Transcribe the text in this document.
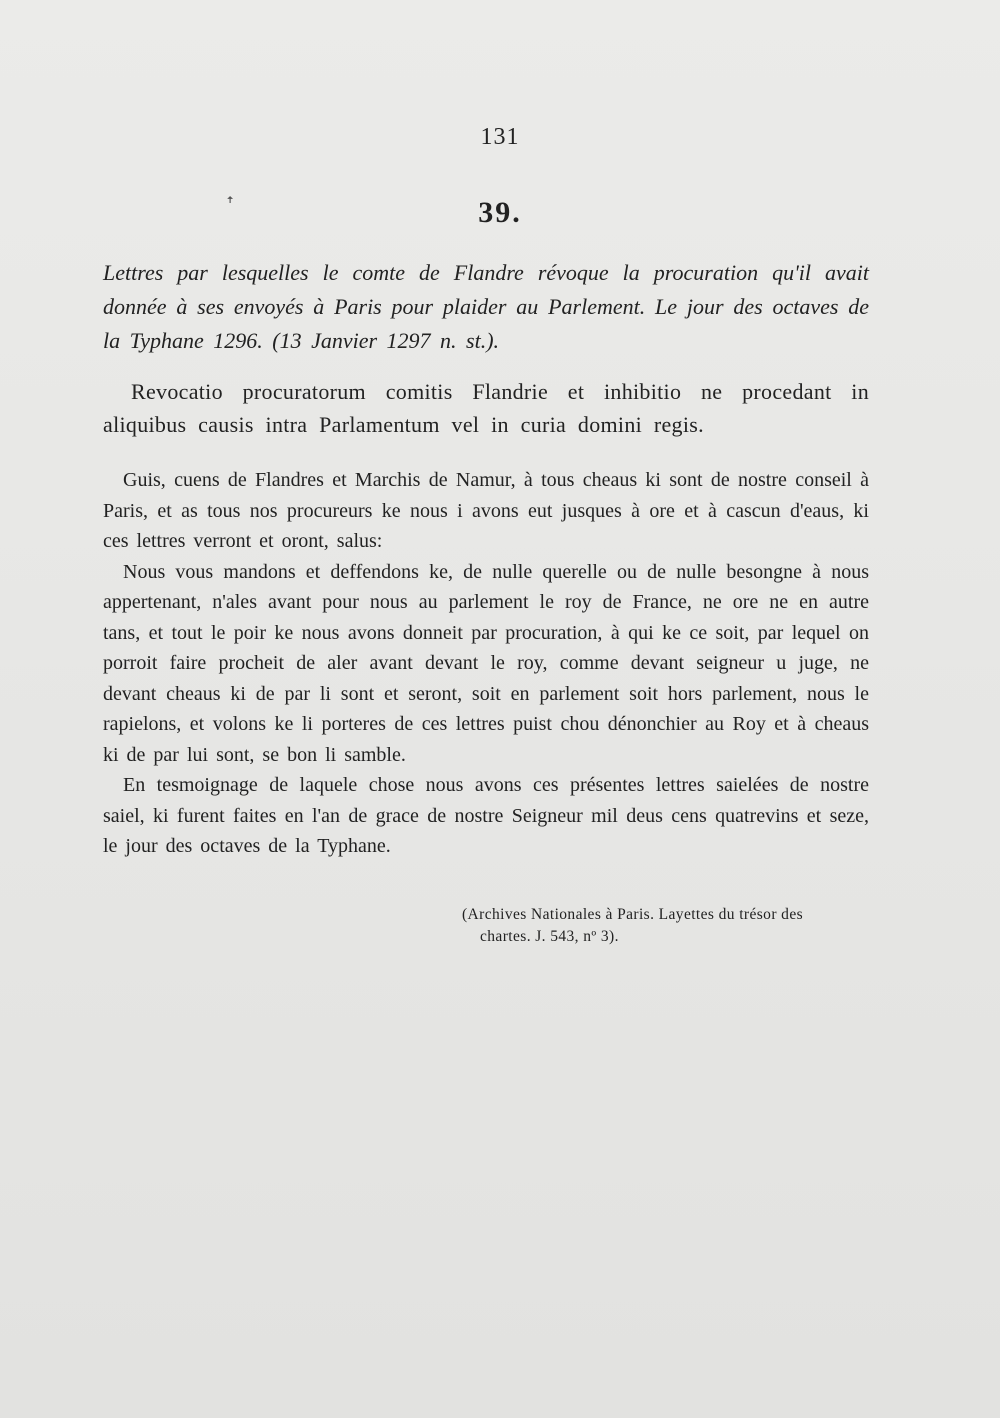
ꜛ
131
39.
Lettres par lesquelles le comte de Flandre révoque la procuration qu'il avait donnée à ses envoyés à Paris pour plaider au Parlement. Le jour des octaves de la Typhane 1296. (13 Janvier 1297 n. st.).

Revocatio procuratorum comitis Flandrie et inhibitio ne procedant in aliquibus causis intra Parlamentum vel in curia domini regis.

Guis, cuens de Flandres et Marchis de Namur, à tous cheaus ki sont de nostre conseil à Paris, et as tous nos procureurs ke nous i avons eut jusques à ore et à cascun d'eaus, ki ces lettres verront et oront, salus:

Nous vous mandons et deffendons ke, de nulle querelle ou de nulle besongne à nous appertenant, n'ales avant pour nous au parlement le roy de France, ne ore ne en autre tans, et tout le poir ke nous avons donneit par procuration, à qui ke ce soit, par lequel on porroit faire procheit de aler avant devant le roy, comme devant seigneur u juge, ne devant cheaus ki de par li sont et seront, soit en parlement soit hors parlement, nous le rapielons, et volons ke li porteres de ces lettres puist chou dénonchier au Roy et à cheaus ki de par lui sont, se bon li samble.

En tesmoignage de laquele chose nous avons ces présentes lettres saielées de nostre saiel, ki furent faites en l'an de grace de nostre Seigneur mil deus cens quatrevins et seze, le jour des octaves de la Typhane.

(Archives Nationales à Paris. Layettes du trésor des
chartes. J. 543, nº 3).
